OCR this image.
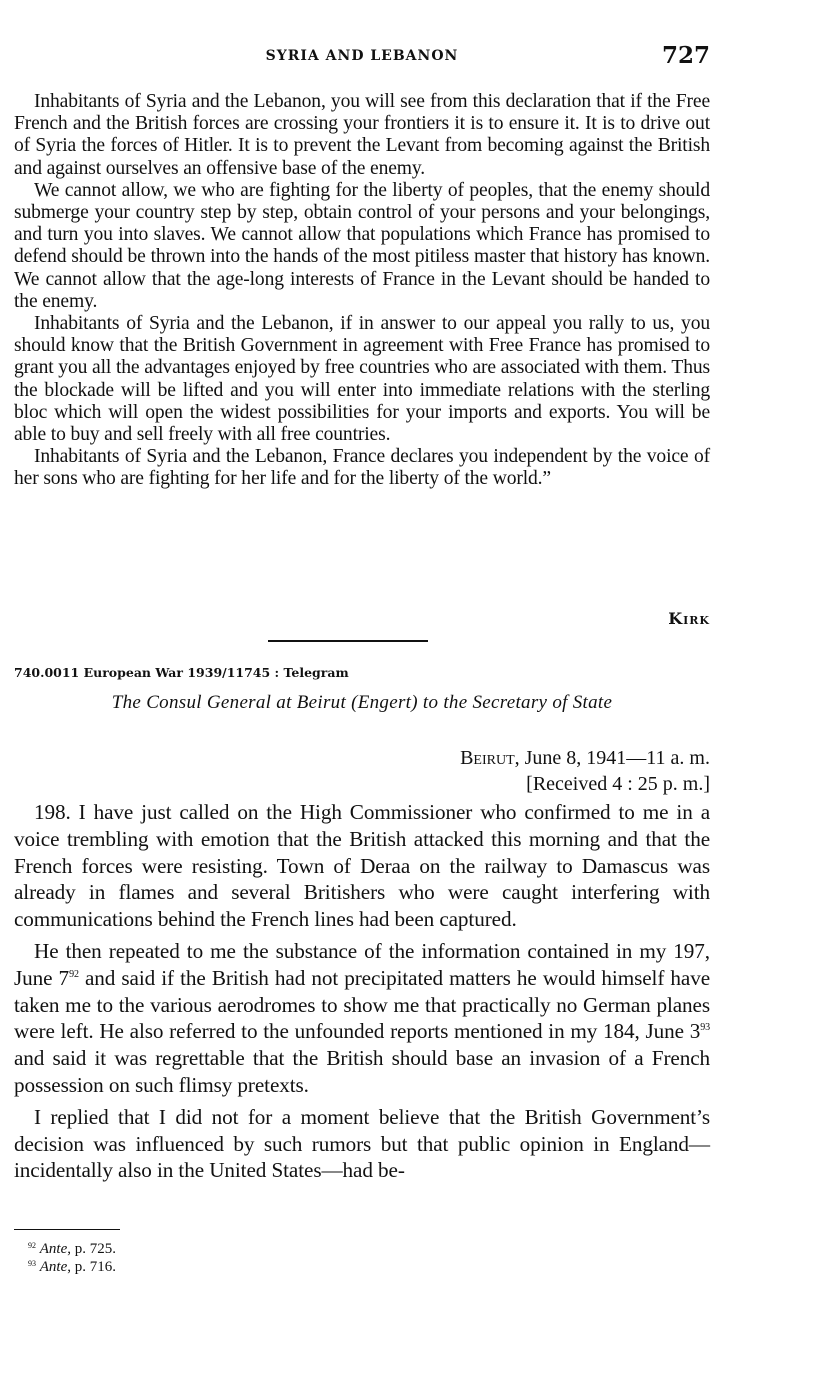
SYRIA AND LEBANON	727

Inhabitants of Syria and the Lebanon, you will see from this declaration that if the Free French and the British forces are crossing your frontiers it is to ensure it. It is to drive out of Syria the forces of Hitler. It is to prevent the Levant from becoming against the British and against ourselves an offensive base of the enemy.

We cannot allow, we who are fighting for the liberty of peoples, that the enemy should submerge your country step by step, obtain control of your persons and your belongings, and turn you into slaves. We cannot allow that populations which France has promised to defend should be thrown into the hands of the most pitiless master that history has known. We cannot allow that the age-long interests of France in the Levant should be handed to the enemy.

Inhabitants of Syria and the Lebanon, if in answer to our appeal you rally to us, you should know that the British Government in agreement with Free France has promised to grant you all the advantages enjoyed by free countries who are associated with them. Thus the blockade will be lifted and you will enter into immediate relations with the sterling bloc which will open the widest possibilities for your imports and exports. You will be able to buy and sell freely with all free countries.

Inhabitants of Syria and the Lebanon, France declares you independent by the voice of her sons who are fighting for her life and for the liberty of the world.”

Kirk
740.0011 European War 1939/11745 : Telegram
The Consul General at Beirut (Engert) to the Secretary of State
Beirut, June 8, 1941—11 a. m.
[Received 4 : 25 p. m.]

198. I have just called on the High Commissioner who confirmed to me in a voice trembling with emotion that the British attacked this morning and that the French forces were resisting. Town of Deraa on the railway to Damascus was already in flames and several Britishers who were caught interfering with communications behind the French lines had been captured.

He then repeated to me the substance of the information contained in my 197, June $7^{92}$ and said if the British had not precipitated matters he would himself have taken me to the various aerodromes to show me that practically no German planes were left. He also referred to the unfounded reports mentioned in my 184, June $3^{93}$ and said it was regrettable that the British should base an invasion of a French possession on such flimsy pretexts.

I replied that I did not for a moment believe that the British Government’s decision was influenced by such rumors but that public opinion in England—incidentally also in the United States—had be-

$^{92}$ Ante, p. 725.
$^{93}$ Ante, p. 716.
